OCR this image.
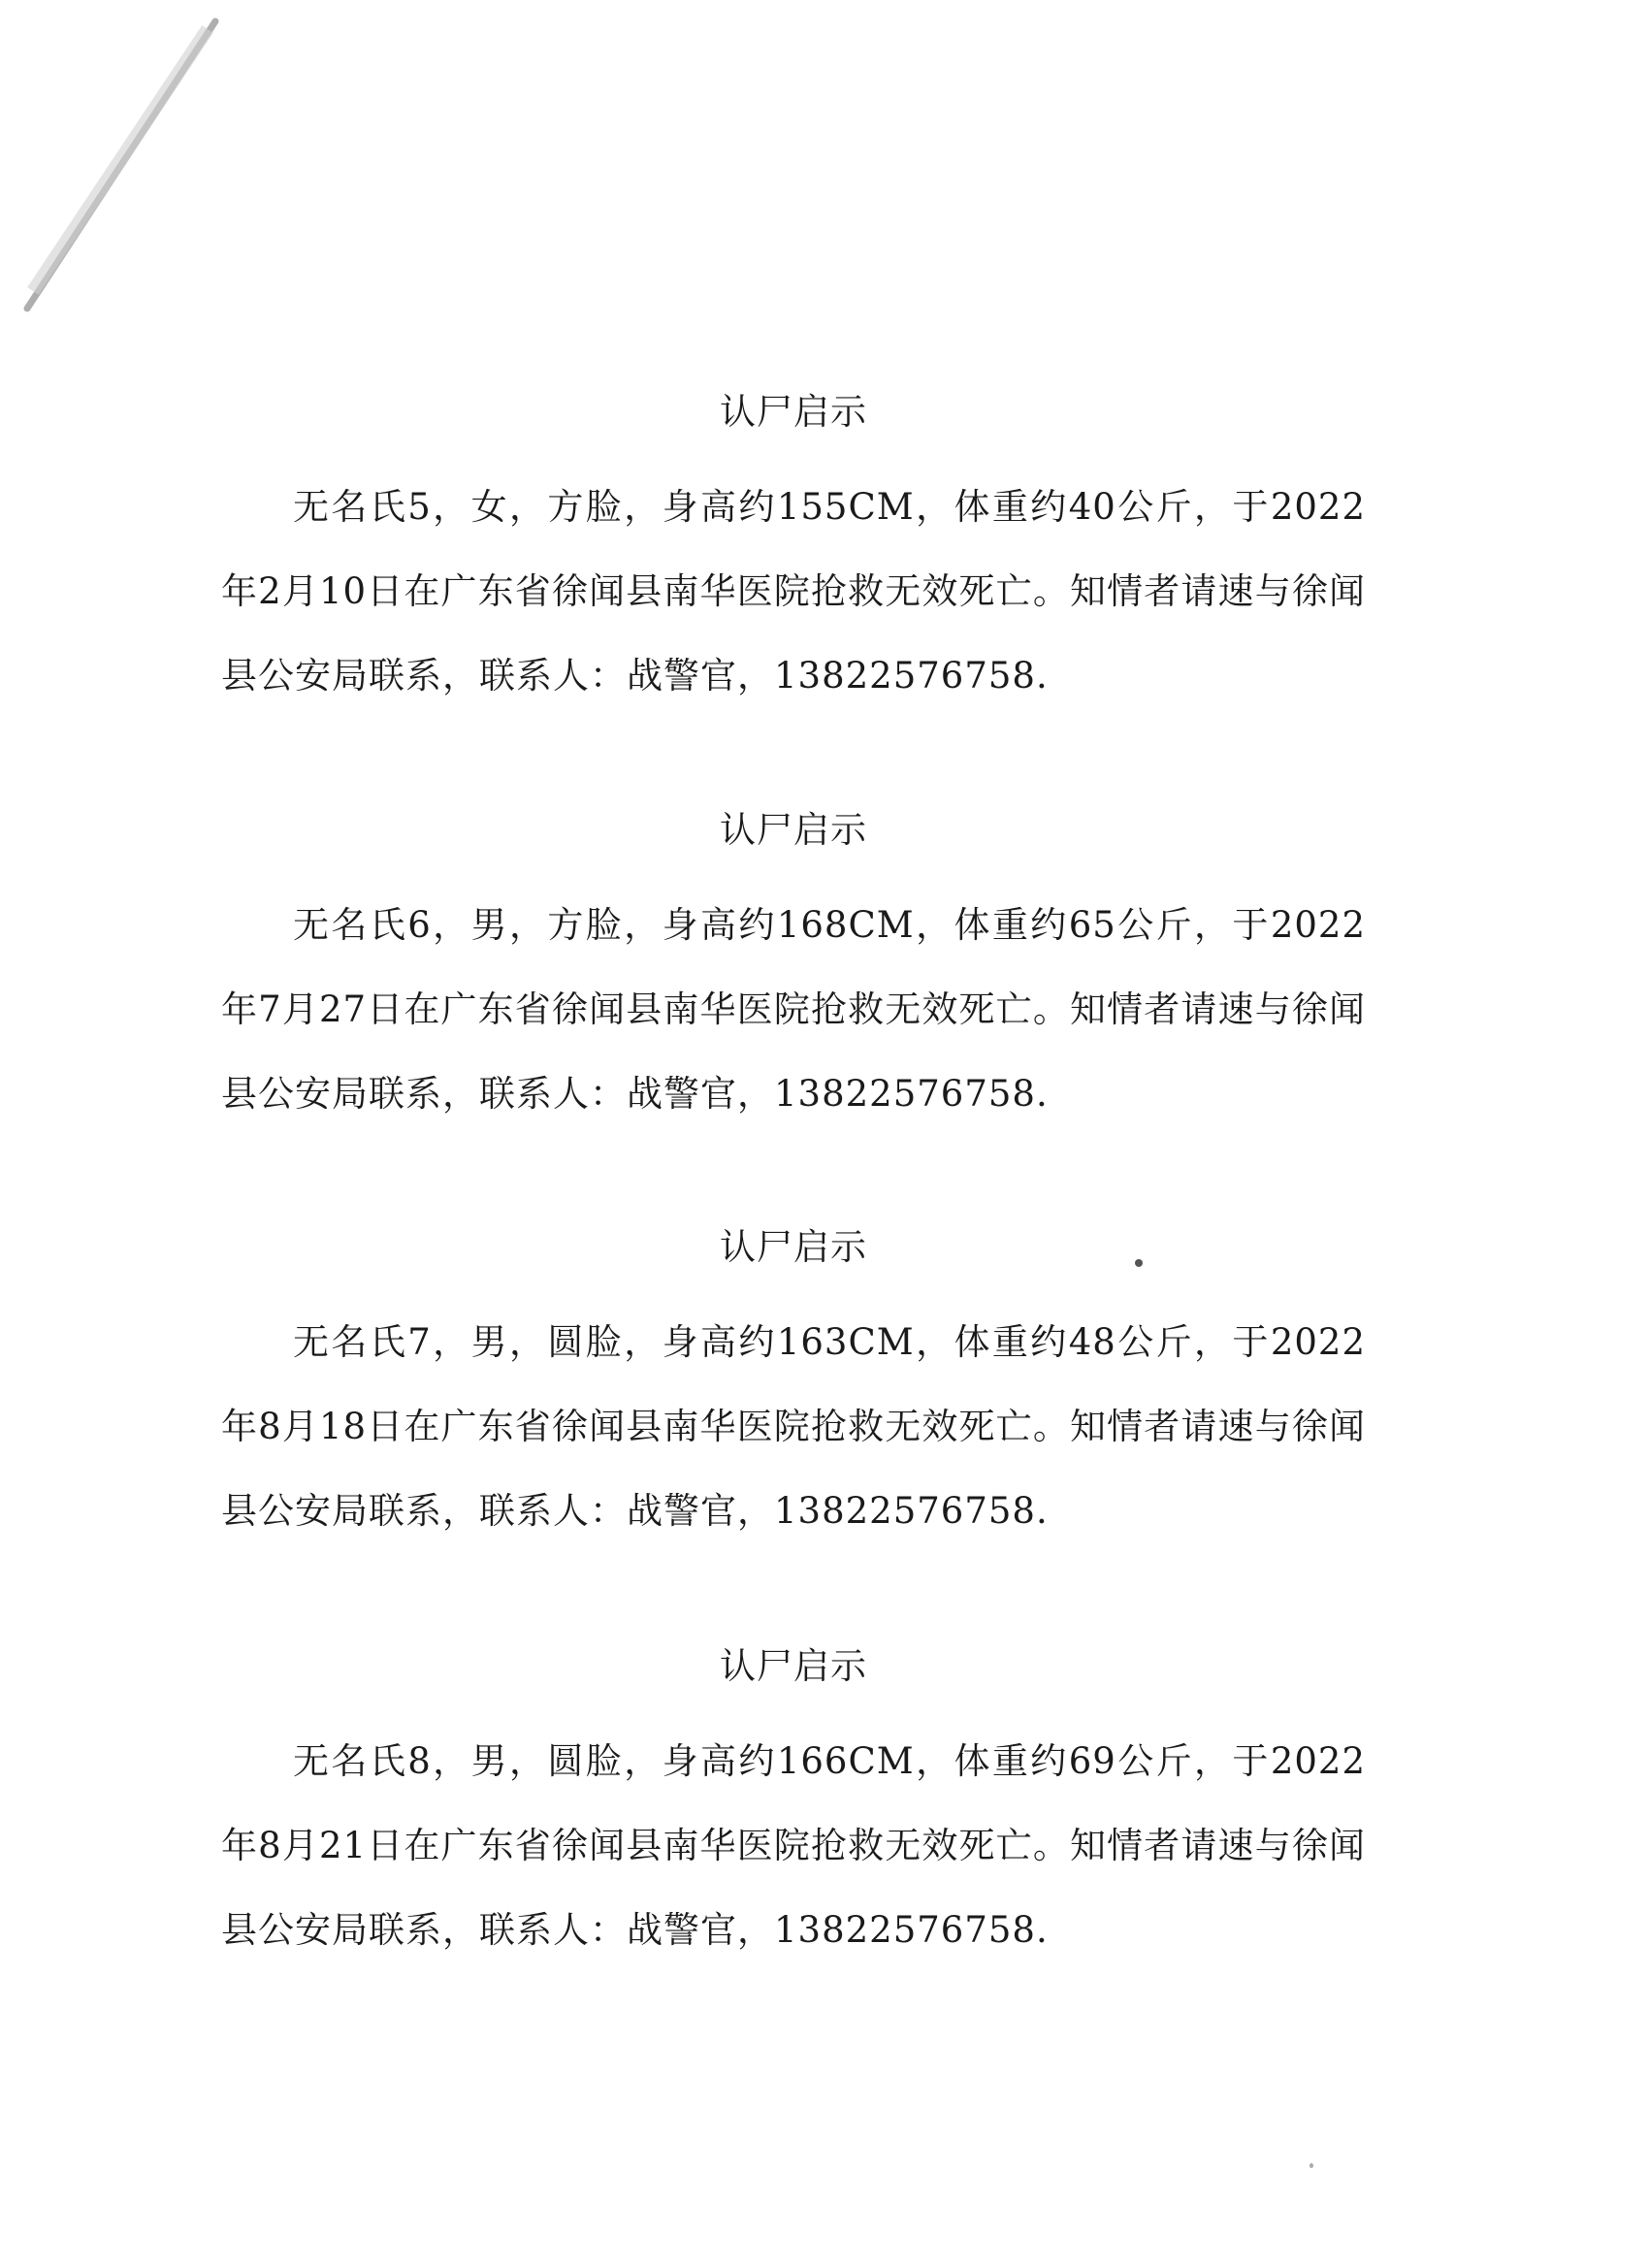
认尸启示

无名氏5，女，方脸，身高约155CM，体重约40公斤，于2022年2月10日在广东省徐闻县南华医院抢救无效死亡。知情者请速与徐闻县公安局联系，联系人：战警官，13822576758.

认尸启示

无名氏6，男，方脸，身高约168CM，体重约65公斤，于2022年7月27日在广东省徐闻县南华医院抢救无效死亡。知情者请速与徐闻县公安局联系，联系人：战警官，13822576758.

认尸启示

无名氏7，男，圆脸，身高约163CM，体重约48公斤，于2022年8月18日在广东省徐闻县南华医院抢救无效死亡。知情者请速与徐闻县公安局联系，联系人：战警官，13822576758.

认尸启示

无名氏8，男，圆脸，身高约166CM，体重约69公斤，于2022年8月21日在广东省徐闻县南华医院抢救无效死亡。知情者请速与徐闻县公安局联系，联系人：战警官，13822576758.
